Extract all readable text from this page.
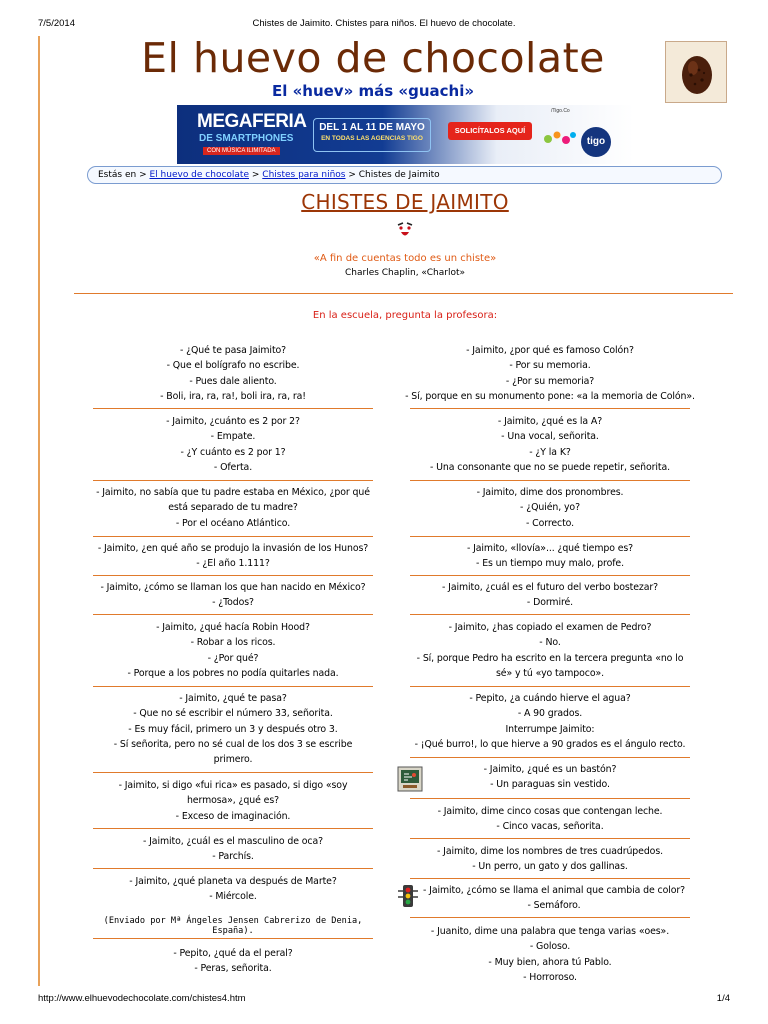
7/5/2014	Chistes de Jaimito. Chistes para niños. El huevo de chocolate.
El huevo de chocolate
El «huev» más «guachi»
MEGAFERIA
DE SMARTPHONES
CON MÚSICA ILIMITADA
DEL 1 AL 11 DE MAYO
EN TODAS LAS AGENCIAS TIGO
SOLICÍTALOS AQUÍ
/Tigo.Co
tigo
Estás en > El huevo de chocolate > Chistes para niños > Chistes de Jaimito
CHISTES DE JAIMITO
«A fin de cuentas todo es un chiste»
Charles Chaplin, «Charlot»
En la escuela, pregunta la profesora:
- ¿Qué te pasa Jaimito?
- Que el bolígrafo no escribe.
- Pues dale aliento.
- Boli, ira, ra, ra!, boli ira, ra, ra!
- Jaimito, ¿cuánto es 2 por 2?
- Empate.
- ¿Y cuánto es 2 por 1?
- Oferta.
- Jaimito, no sabía que tu padre estaba en México, ¿por qué
está separado de tu madre?
- Por el océano Atlántico.
- Jaimito, ¿en qué año se produjo la invasión de los Hunos?
- ¿El año 1.111?
- Jaimito, ¿cómo se llaman los que han nacido en México?
- ¿Todos?
- Jaimito, ¿qué hacía Robin Hood?
- Robar a los ricos.
- ¿Por qué?
- Porque a los pobres no podía quitarles nada.
- Jaimito, ¿qué te pasa?
- Que no sé escribir el número 33, señorita.
- Es muy fácil, primero un 3 y después otro 3.
- Sí señorita, pero no sé cual de los dos 3 se escribe
primero.
- Jaimito, si digo «fui rica» es pasado, si digo «soy
hermosa», ¿qué es?
- Exceso de imaginación.
- Jaimito, ¿cuál es el masculino de oca?
- Parchís.
- Jaimito, ¿qué planeta va después de Marte?
- Miércole.
(Enviado por Mª Ángeles Jensen Cabrerizo de Denia, España).
- Pepito, ¿qué da el peral?
- Peras, señorita.
- Jaimito, ¿por qué es famoso Colón?
- Por su memoria.
- ¿Por su memoria?
- Sí, porque en su monumento pone: «a la memoria de Colón».
- Jaimito, ¿qué es la A?
- Una vocal, señorita.
- ¿Y la K?
- Una consonante que no se puede repetir, señorita.
- Jaimito, dime dos pronombres.
- ¿Quién, yo?
- Correcto.
- Jaimito, «llovía»... ¿qué tiempo es?
- Es un tiempo muy malo, profe.
- Jaimito, ¿cuál es el futuro del verbo bostezar?
- Dormiré.
- Jaimito, ¿has copiado el examen de Pedro?
- No.
- Sí, porque Pedro ha escrito en la tercera pregunta «no lo
sé» y tú «yo tampoco».
- Pepito, ¿a cuándo hierve el agua?
- A 90 grados.
Interrumpe Jaimito:
- ¡Qué burro!, lo que hierve a 90 grados es el ángulo recto.
- Jaimito, ¿qué es un bastón?
- Un paraguas sin vestido.
- Jaimito, dime cinco cosas que contengan leche.
- Cinco vacas, señorita.
- Jaimito, dime los nombres de tres cuadrúpedos.
- Un perro, un gato y dos gallinas.
- Jaimito, ¿cómo se llama el animal que cambia de color?
- Semáforo.
- Juanito, dime una palabra que tenga varias «oes».
- Goloso.
- Muy bien, ahora tú Pablo.
- Horroroso.
http://www.elhuevodechocolate.com/chistes4.htm	1/4
